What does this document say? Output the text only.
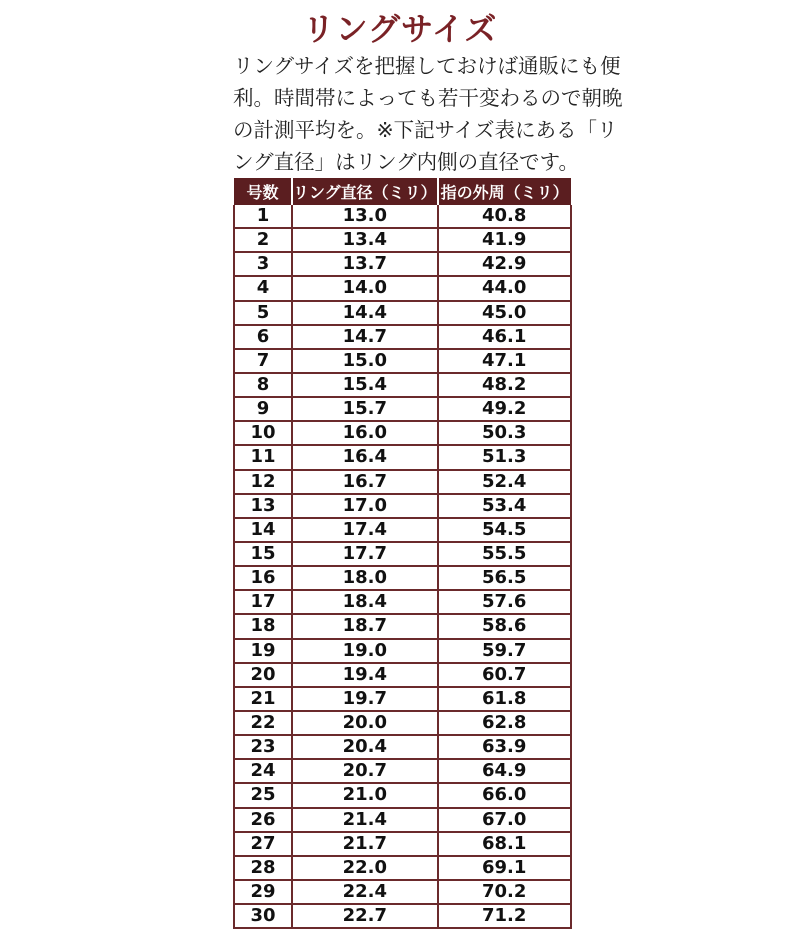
リングサイズ
リングサイズを把握しておけば通販にも便
利。時間帯によっても若干変わるので朝晩
の計測平均を。※下記サイズ表にある「リ
ング直径」はリング内側の直径です。
号数	リング直径（ミリ）	指の外周（ミリ）
1	13.0	40.8
2	13.4	41.9
3	13.7	42.9
4	14.0	44.0
5	14.4	45.0
6	14.7	46.1
7	15.0	47.1
8	15.4	48.2
9	15.7	49.2
10	16.0	50.3
11	16.4	51.3
12	16.7	52.4
13	17.0	53.4
14	17.4	54.5
15	17.7	55.5
16	18.0	56.5
17	18.4	57.6
18	18.7	58.6
19	19.0	59.7
20	19.4	60.7
21	19.7	61.8
22	20.0	62.8
23	20.4	63.9
24	20.7	64.9
25	21.0	66.0
26	21.4	67.0
27	21.7	68.1
28	22.0	69.1
29	22.4	70.2
30	22.7	71.2
